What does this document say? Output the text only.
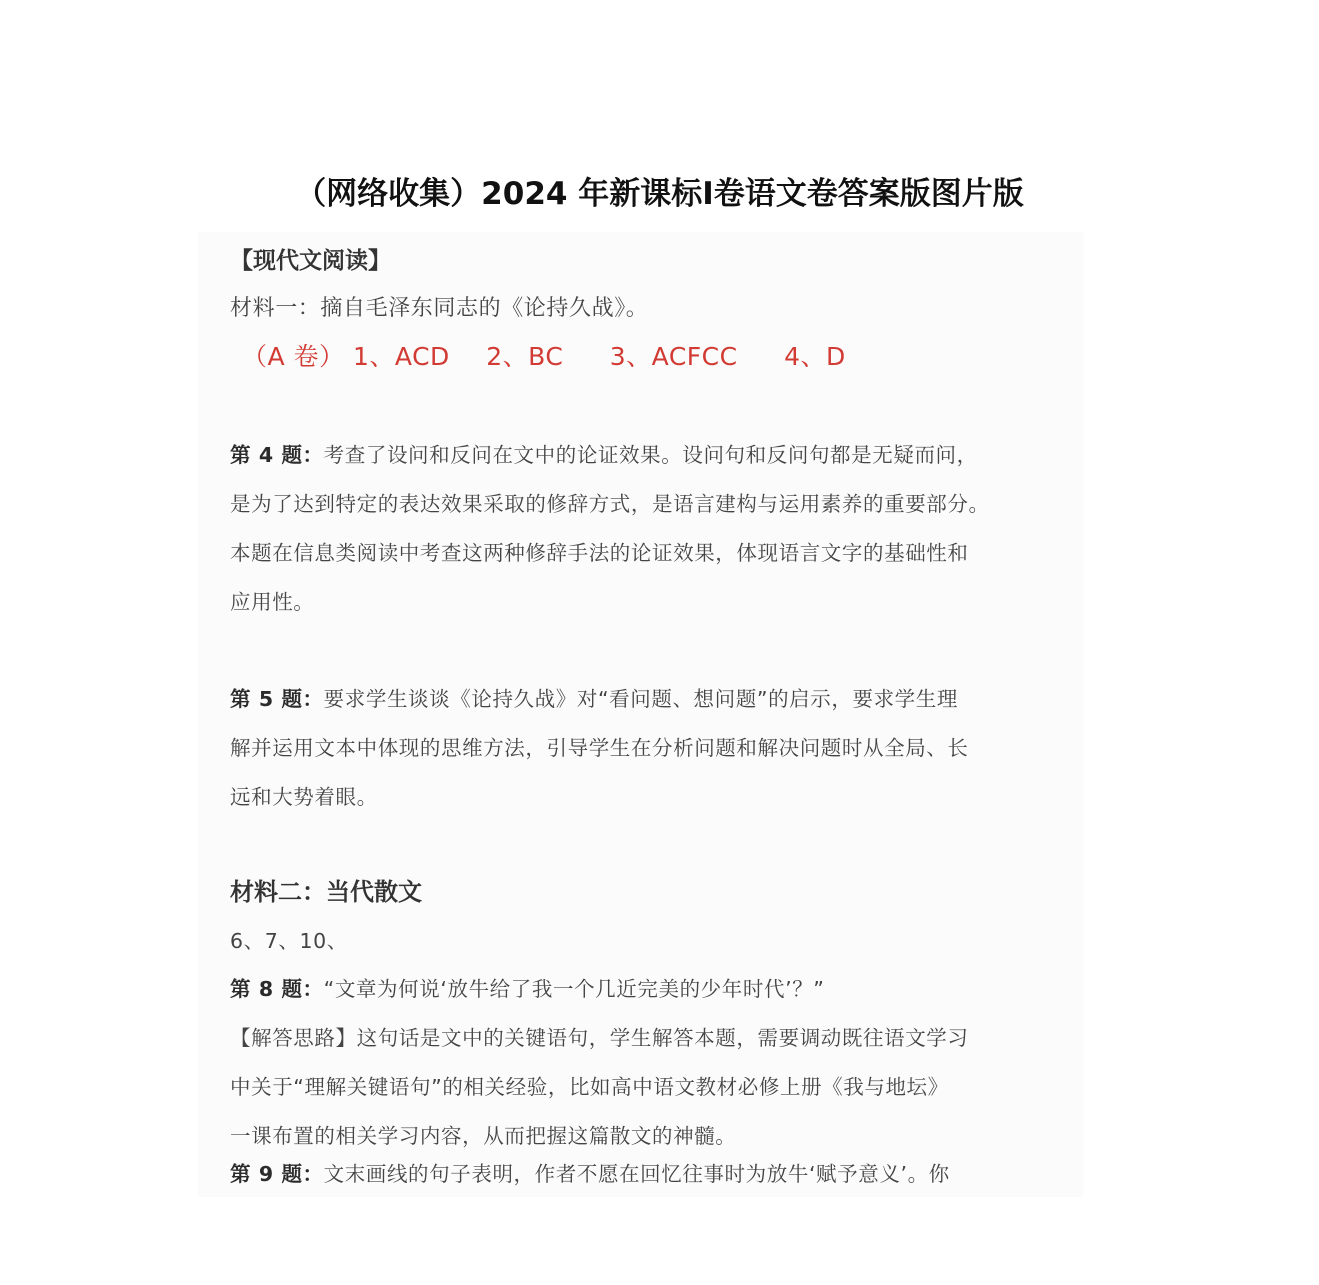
（网络收集）2024 年新课标Ⅰ卷语文卷答案版图片版
【现代文阅读】
材料一：摘自毛泽东同志的《论持久战》。
（A 卷） 1、ACD 2、BC 3、ACFCC 4、D
第 4 题：考查了设问和反问在文中的论证效果。设问句和反问句都是无疑而问，
是为了达到特定的表达效果采取的修辞方式，是语言建构与运用素养的重要部分。
本题在信息类阅读中考查这两种修辞手法的论证效果，体现语言文字的基础性和
应用性。
第 5 题：要求学生谈谈《论持久战》对“看问题、想问题”的启示，要求学生理
解并运用文本中体现的思维方法，引导学生在分析问题和解决问题时从全局、长
远和大势着眼。
材料二：当代散文
6、7、10、
第 8 题：“文章为何说‘放牛给了我一个几近完美的少年时代’？”
【解答思路】这句话是文中的关键语句，学生解答本题，需要调动既往语文学习
中关于“理解关键语句”的相关经验，比如高中语文教材必修上册《我与地坛》
一课布置的相关学习内容，从而把握这篇散文的神髓。
第 9 题：文末画线的句子表明，作者不愿在回忆往事时为放牛‘赋予意义’。你
